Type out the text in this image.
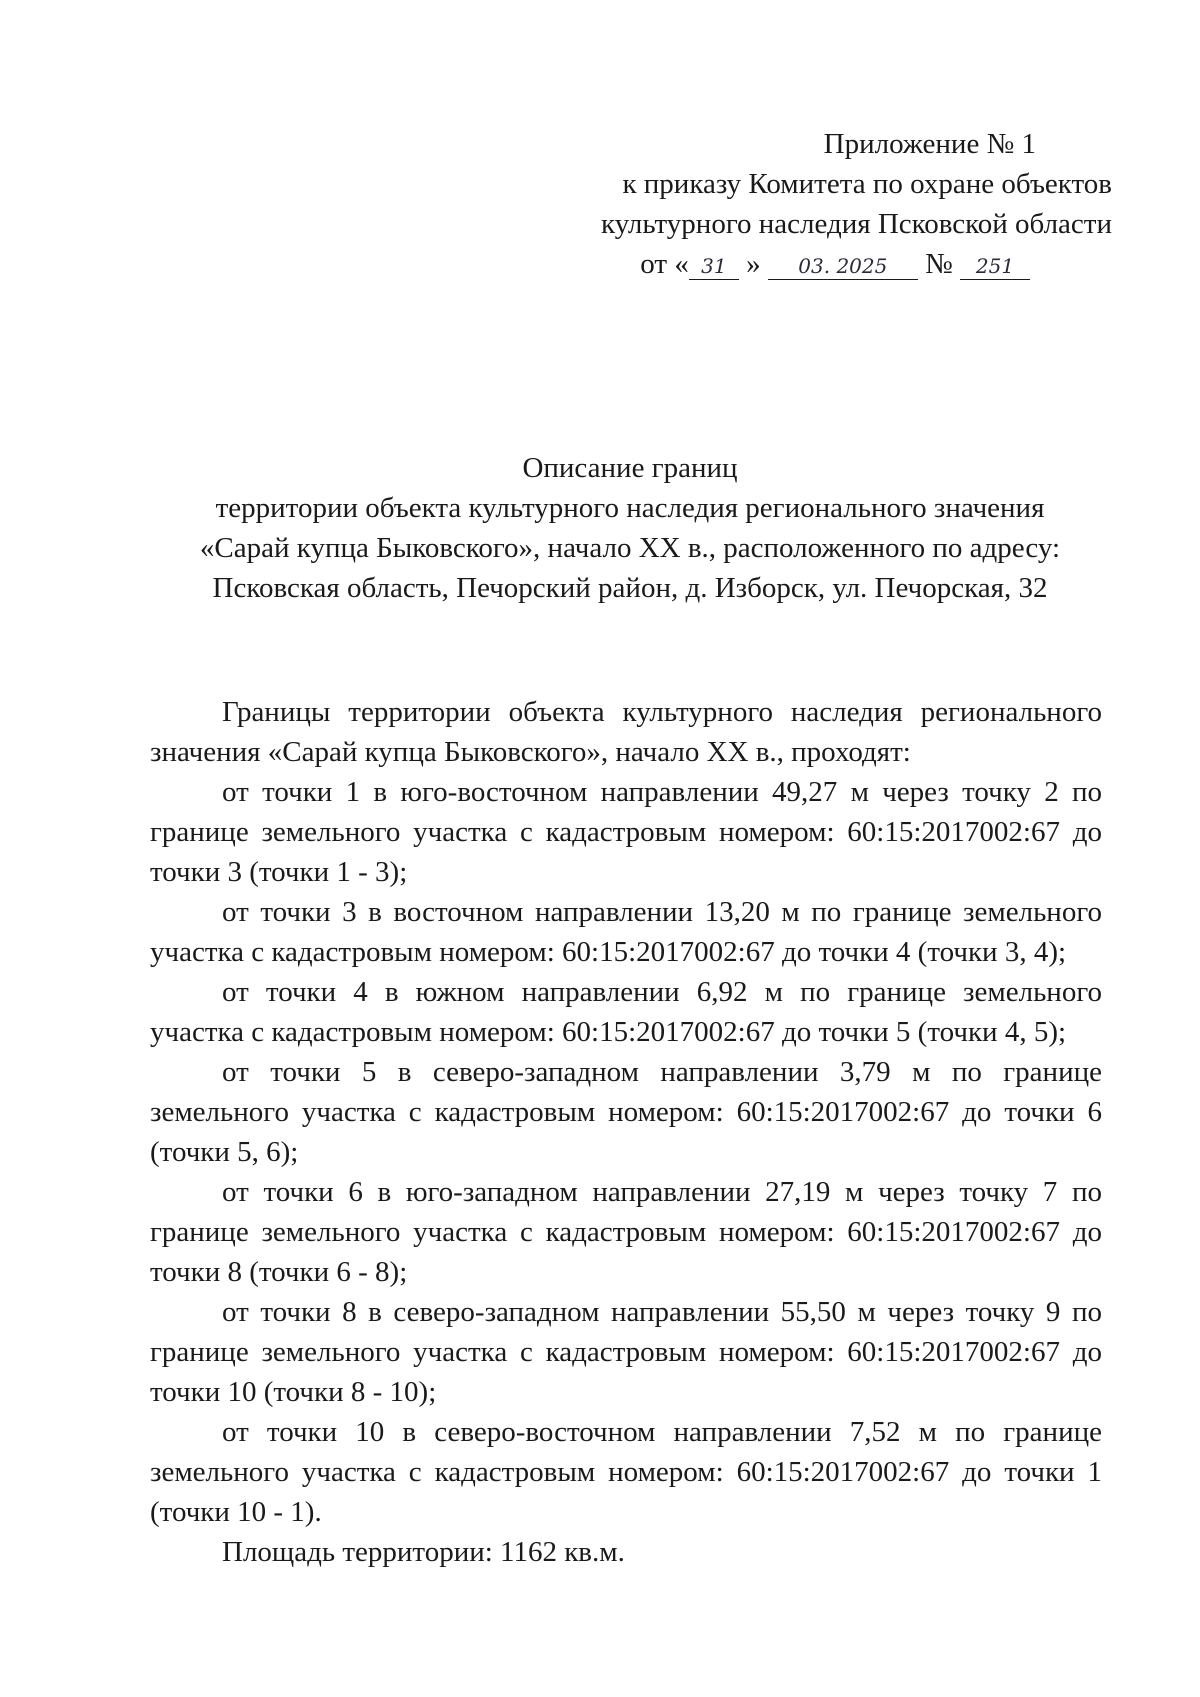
Приложение № 1
к приказу Комитета по охране объектов
культурного наследия Псковской области
от « 31 » 03. 2025 № 251
Описание границ
территории объекта культурного наследия регионального значения
«Сарай купца Быковского», начало XX в., расположенного по адресу:
Псковская область, Печорский район, д. Изборск, ул. Печорская, 32

Границы территории объекта культурного наследия регионального значения «Сарай купца Быковского», начало XX в., проходят:

от точки 1 в юго-восточном направлении 49,27 м через точку 2 по границе земельного участка с кадастровым номером: 60:15:2017002:67 до точки 3 (точки 1 - 3);

от точки 3 в восточном направлении 13,20 м по границе земельного участка с кадастровым номером: 60:15:2017002:67 до точки 4 (точки 3, 4);

от точки 4 в южном направлении 6,92 м по границе земельного участка с кадастровым номером: 60:15:2017002:67 до точки 5 (точки 4, 5);

от точки 5 в северо-западном направлении 3,79 м по границе земельного участка с кадастровым номером: 60:15:2017002:67 до точки 6 (точки 5, 6);

от точки 6 в юго-западном направлении 27,19 м через точку 7 по границе земельного участка с кадастровым номером: 60:15:2017002:67 до точки 8 (точки 6 - 8);

от точки 8 в северо-западном направлении 55,50 м через точку 9 по границе земельного участка с кадастровым номером: 60:15:2017002:67 до точки 10 (точки 8 - 10);

от точки 10 в северо-восточном направлении 7,52 м по границе земельного участка с кадастровым номером: 60:15:2017002:67 до точки 1 (точки 10 - 1).

Площадь территории: 1162 кв.м.
